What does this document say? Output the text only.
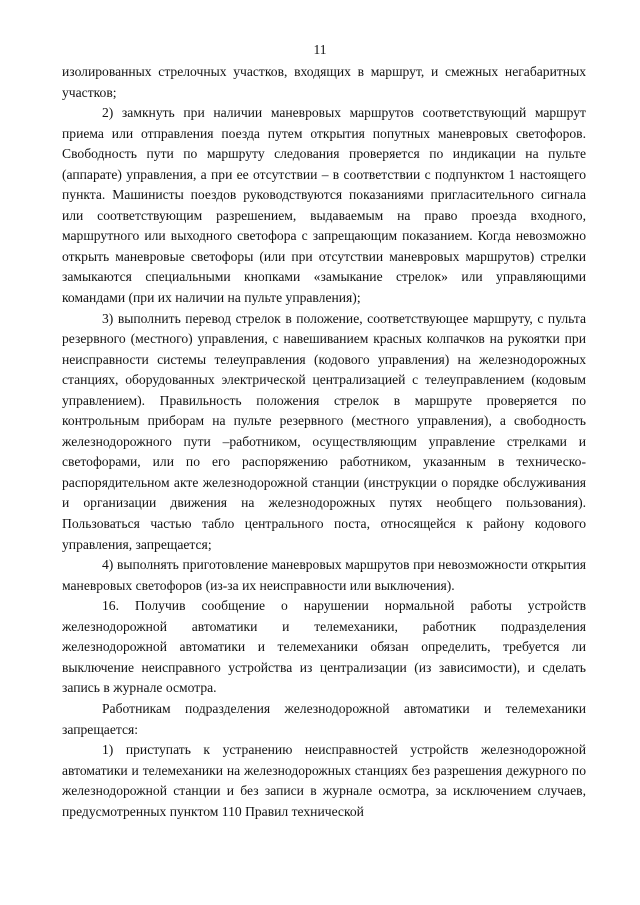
11

изолированных стрелочных участков, входящих в маршрут, и смежных негабаритных участков;

2) замкнуть при наличии маневровых маршрутов соответствующий маршрут приема или отправления поезда путем открытия попутных маневровых светофоров. Свободность пути по маршруту следования проверяется по индикации на пульте (аппарате) управления, а при ее отсутствии – в соответствии с подпунктом 1 настоящего пункта. Машинисты поездов руководствуются показаниями пригласительного сигнала или соответствующим разрешением, выдаваемым на право проезда входного, маршрутного или выходного светофора с запрещающим показанием. Когда невозможно открыть маневровые светофоры (или при отсутствии маневровых маршрутов) стрелки замыкаются специальными кнопками «замыкание стрелок» или управляющими командами (при их наличии на пульте управления);

3) выполнить перевод стрелок в положение, соответствующее маршруту, с пульта резервного (местного) управления, с навешиванием красных колпачков на рукоятки при неисправности системы телеуправления (кодового управления) на железнодорожных станциях, оборудованных электрической централизацией с телеуправлением (кодовым управлением). Правильность положения стрелок в маршруте проверяется по контрольным приборам на пульте резервного (местного управления), а свободность железнодорожного пути –работником, осуществляющим управление стрелками и светофорами, или по его распоряжению работником, указанным в техническо-распорядительном акте железнодорожной станции (инструкции о порядке обслуживания и организации движения на железнодорожных путях необщего пользования). Пользоваться частью табло центрального поста, относящейся к району кодового управления, запрещается;

4) выполнять приготовление маневровых маршрутов при невозможности открытия маневровых светофоров (из-за их неисправности или выключения).

16. Получив сообщение о нарушении нормальной работы устройств железнодорожной автоматики и телемеханики, работник подразделения железнодорожной автоматики и телемеханики обязан определить, требуется ли выключение неисправного устройства из централизации (из зависимости), и сделать запись в журнале осмотра.

Работникам подразделения железнодорожной автоматики и телемеханики запрещается:

1) приступать к устранению неисправностей устройств железнодорожной автоматики и телемеханики на железнодорожных станциях без разрешения дежурного по железнодорожной станции и без записи в журнале осмотра, за исключением случаев, предусмотренных пунктом 110 Правил технической
